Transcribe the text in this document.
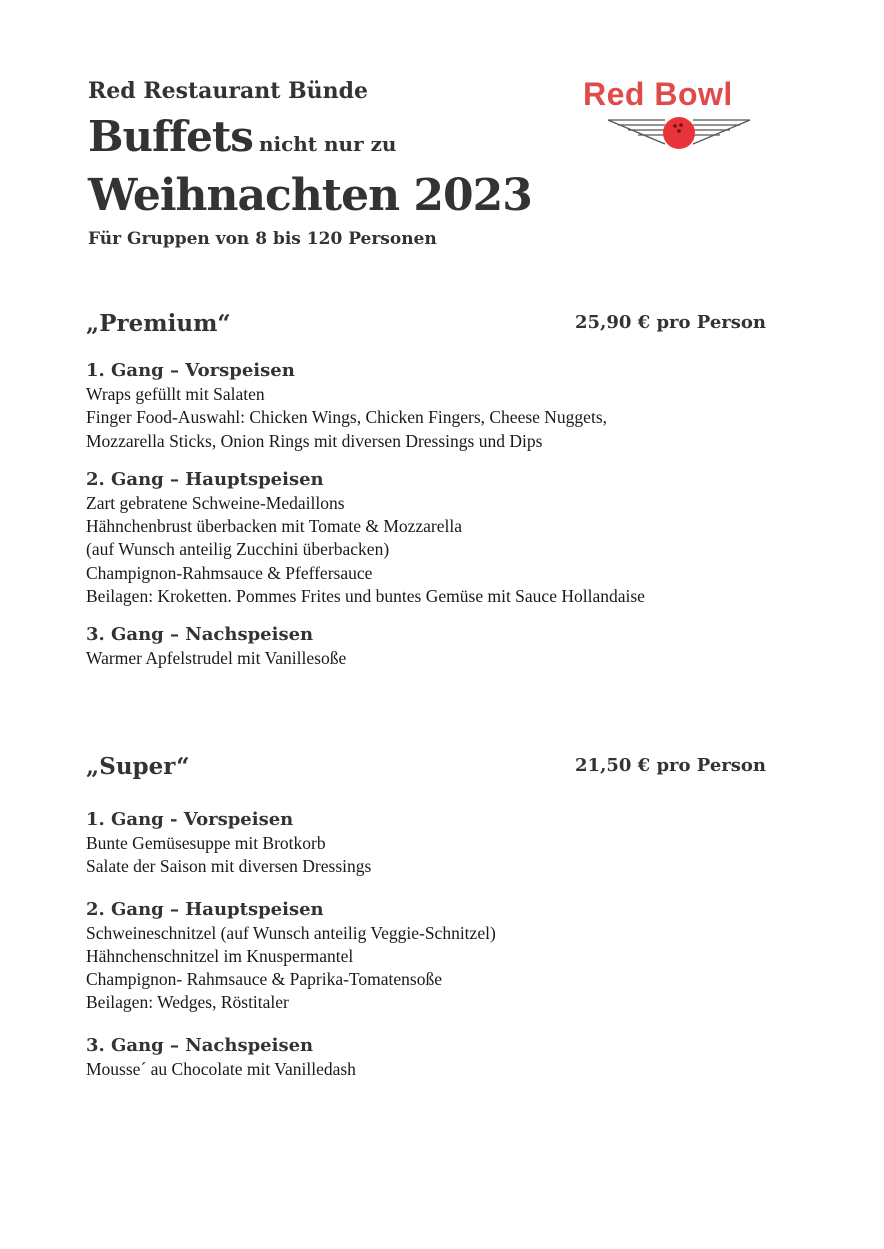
Red Restaurant Bünde
Buffets nicht nur zu
Weihnachten 2023
Für Gruppen von 8 bis 120 Personen
Red Bowl
„Premium“	25,90 € pro Person
1. Gang – Vorspeisen
Wraps gefüllt mit Salaten
Finger Food-Auswahl: Chicken Wings, Chicken Fingers, Cheese Nuggets,
Mozzarella Sticks, Onion Rings mit diversen Dressings und Dips
2. Gang – Hauptspeisen
Zart gebratene Schweine-Medaillons
Hähnchenbrust überbacken mit Tomate & Mozzarella
(auf Wunsch anteilig Zucchini überbacken)
Champignon-Rahmsauce & Pfeffersauce
Beilagen: Kroketten. Pommes Frites und buntes Gemüse mit Sauce Hollandaise
3. Gang – Nachspeisen
Warmer Apfelstrudel mit Vanillesoße
„Super“	21,50 € pro Person
1. Gang - Vorspeisen
Bunte Gemüsesuppe mit Brotkorb
Salate der Saison mit diversen Dressings
2. Gang – Hauptspeisen
Schweineschnitzel (auf Wunsch anteilig Veggie-Schnitzel)
Hähnchenschnitzel im Knuspermantel
Champignon- Rahmsauce & Paprika-Tomatensoße
Beilagen: Wedges, Röstitaler
3. Gang – Nachspeisen
Mousse´ au Chocolate mit Vanilledash
